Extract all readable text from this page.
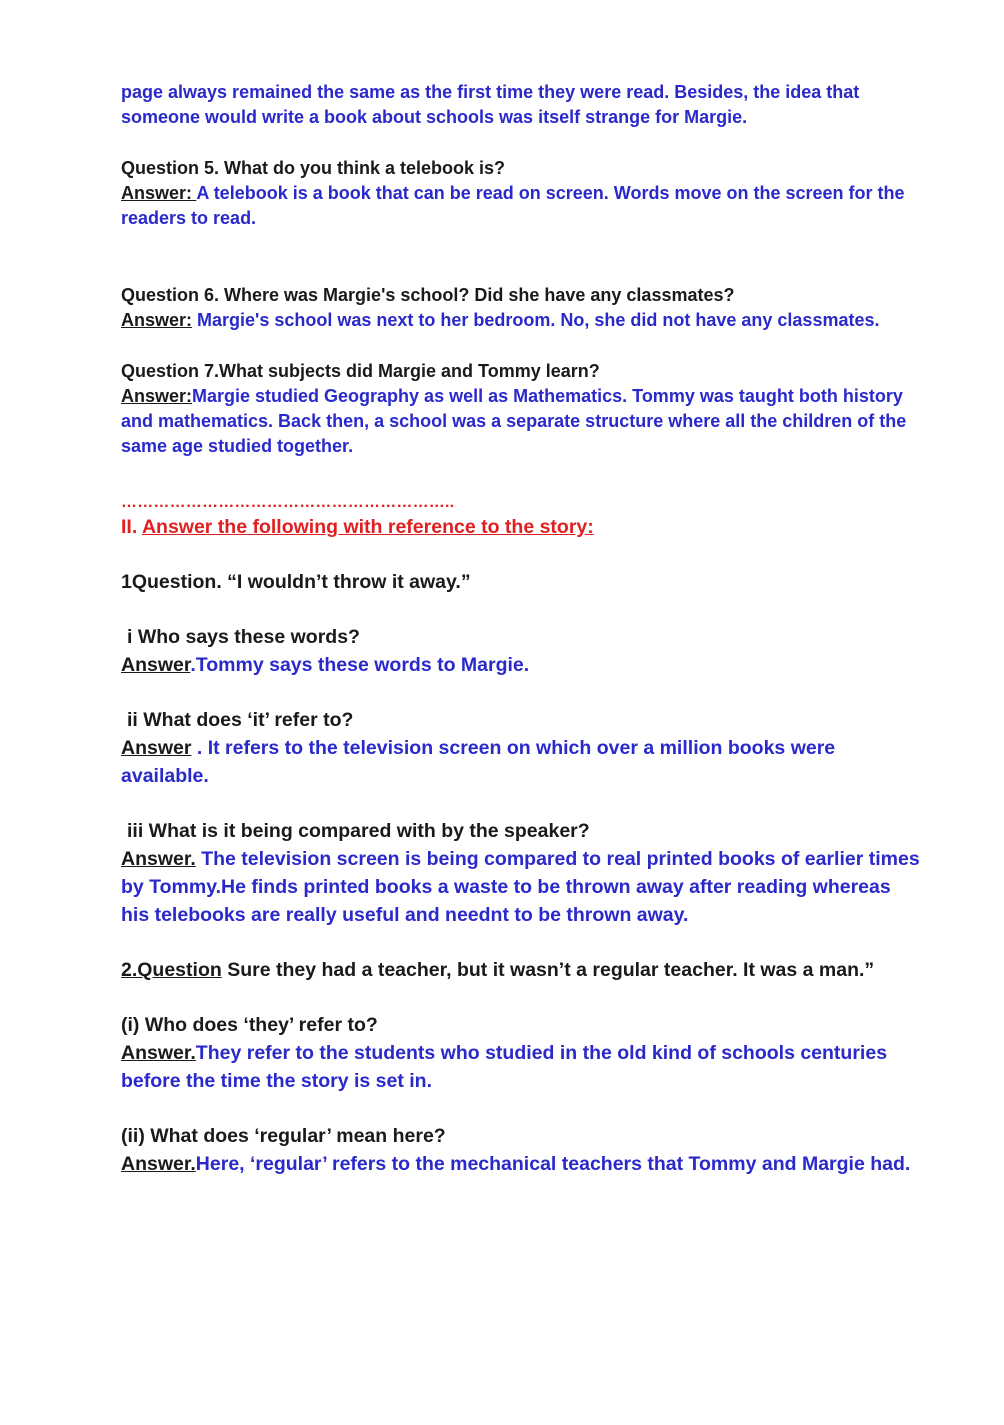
page always remained the same as the first time they were read. Besides, the idea that
someone would write a book about schools was itself strange for Margie.

Question 5. What do you think a telebook is?
Answer: A telebook is a book that can be read on screen. Words move on the screen for the readers to read.
Question 6. Where was Margie's school? Did she have any classmates?
Answer: Margie's school was next to her bedroom. No, she did not have any classmates.
Question 7.What subjects did Margie and Tommy learn?
Answer:Margie studied Geography as well as Mathematics. Tommy was taught both history and mathematics. Back then, a school was a separate structure where all the children of the same age studied together.
……………………………………………………..
II. Answer the following with reference to the story:
1Question. “I wouldn’t throw it away.”
i Who says these words?
Answer.Tommy says these words to Margie.
ii What does ‘it’ refer to?
Answer . It refers to the television screen on which over a million books were available.
iii What is it being compared with by the speaker?
Answer. The television screen is being compared to real printed books of earlier times by Tommy.He finds printed books a waste to be thrown away after reading whereas his telebooks are really useful and neednt to be thrown away.
2.Question Sure they had a teacher, but it wasn’t a regular teacher. It was a man.”
(i) Who does ‘they’ refer to?
Answer.They refer to the students who studied in the old kind of schools centuries before the time the story is set in.
(ii) What does ‘regular’ mean here?
Answer.Here, ‘regular’ refers to the mechanical teachers that Tommy and Margie had.
